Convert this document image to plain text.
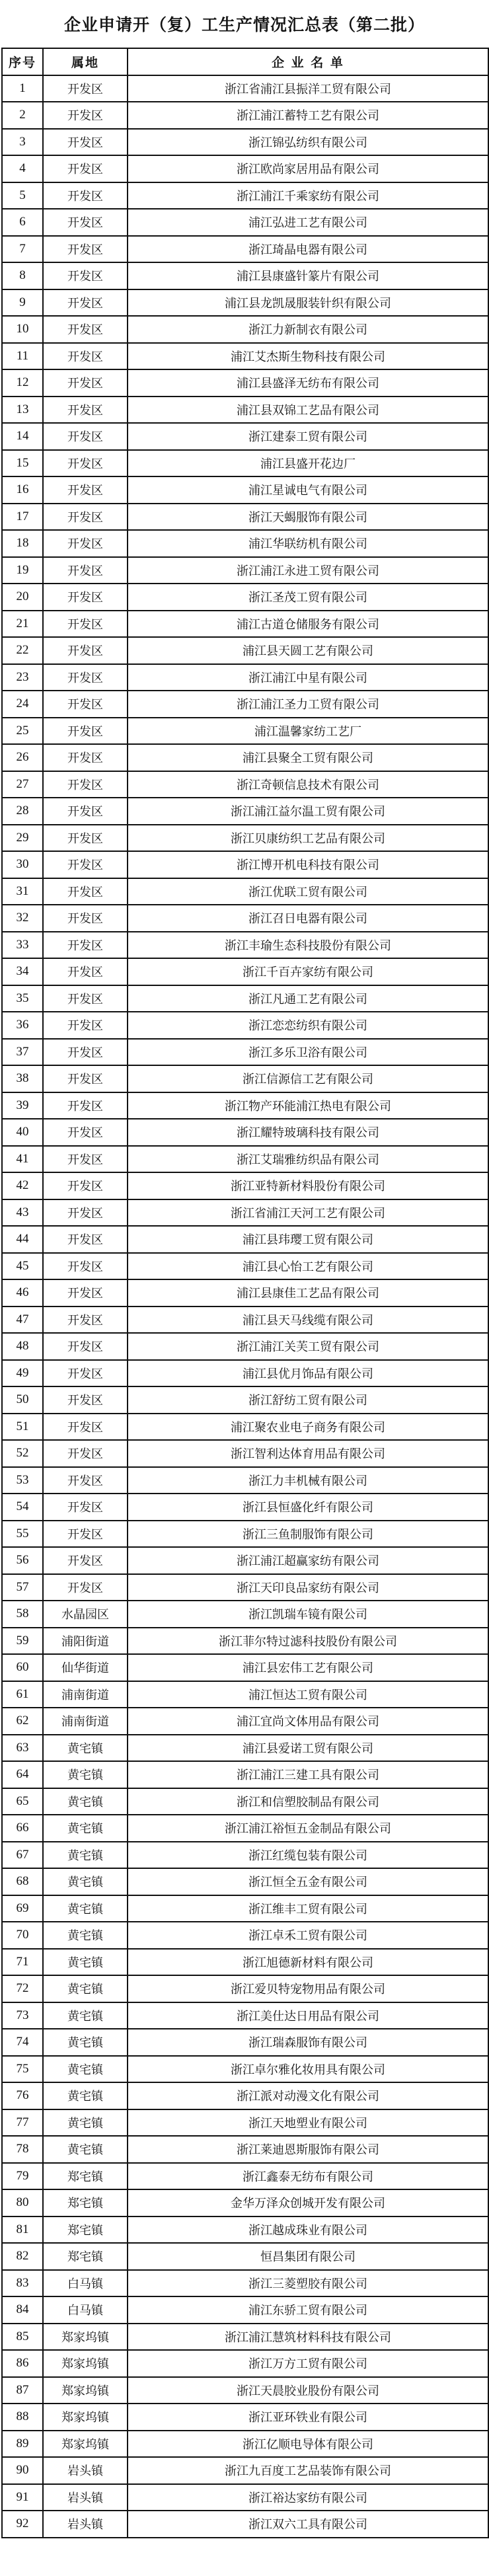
企业申请开（复）工生产情况汇总表（第二批）
序号	属地	企 业 名 单
1	开发区	浙江省浦江县振洋工贸有限公司
2	开发区	浙江浦江蓄特工艺有限公司
3	开发区	浙江锦弘纺织有限公司
4	开发区	浙江欧尚家居用品有限公司
5	开发区	浙江浦江千乘家纺有限公司
6	开发区	浦江弘进工艺有限公司
7	开发区	浙江琦晶电器有限公司
8	开发区	浦江县康盛针篆片有限公司
9	开发区	浦江县龙凯晟服装针织有限公司
10	开发区	浙江力新制衣有限公司
11	开发区	浦江艾杰斯生物科技有限公司
12	开发区	浦江县盛泽无纺布有限公司
13	开发区	浦江县双锦工艺品有限公司
14	开发区	浙江建泰工贸有限公司
15	开发区	浦江县盛开花边厂
16	开发区	浦江星诚电气有限公司
17	开发区	浙江天蝎服饰有限公司
18	开发区	浦江华联纺机有限公司
19	开发区	浙江浦江永进工贸有限公司
20	开发区	浙江圣茂工贸有限公司
21	开发区	浦江古道仓储服务有限公司
22	开发区	浦江县天圆工艺有限公司
23	开发区	浙江浦江中星有限公司
24	开发区	浙江浦江圣力工贸有限公司
25	开发区	浦江温馨家纺工艺厂
26	开发区	浦江县聚全工贸有限公司
27	开发区	浙江奇顿信息技术有限公司
28	开发区	浙江浦江益尔温工贸有限公司
29	开发区	浙江贝康纺织工艺品有限公司
30	开发区	浙江博开机电科技有限公司
31	开发区	浙江优联工贸有限公司
32	开发区	浙江召日电器有限公司
33	开发区	浙江丰瑜生态科技股份有限公司
34	开发区	浙江千百卉家纺有限公司
35	开发区	浙江凡通工艺有限公司
36	开发区	浙江恋恋纺织有限公司
37	开发区	浙江多乐卫浴有限公司
38	开发区	浙江信源信工艺有限公司
39	开发区	浙江物产环能浦江热电有限公司
40	开发区	浙江耀特玻璃科技有限公司
41	开发区	浙江艾瑞雅纺织品有限公司
42	开发区	浙江亚特新材料股份有限公司
43	开发区	浙江省浦江天河工艺有限公司
44	开发区	浦江县玮璎工贸有限公司
45	开发区	浦江县心怡工艺有限公司
46	开发区	浦江县康佳工艺品有限公司
47	开发区	浦江县天马线缆有限公司
48	开发区	浙江浦江关芙工贸有限公司
49	开发区	浦江县优月饰品有限公司
50	开发区	浙江舒纺工贸有限公司
51	开发区	浦江聚农业电子商务有限公司
52	开发区	浙江智利达体育用品有限公司
53	开发区	浙江力丰机械有限公司
54	开发区	浙江县恒盛化纤有限公司
55	开发区	浙江三鱼制服饰有限公司
56	开发区	浙江浦江超赢家纺有限公司
57	开发区	浙江天印良品家纺有限公司
58	水晶园区	浙江凯瑞车镜有限公司
59	浦阳街道	浙江菲尔特过滤科技股份有限公司
60	仙华街道	浦江县宏伟工艺有限公司
61	浦南街道	浦江恒达工贸有限公司
62	浦南街道	浦江宜尚文体用品有限公司
63	黄宅镇	浦江县爱诺工贸有限公司
64	黄宅镇	浙江浦江三建工具有限公司
65	黄宅镇	浙江和信塑胶制品有限公司
66	黄宅镇	浙江浦江裕恒五金制品有限公司
67	黄宅镇	浙江红缆包装有限公司
68	黄宅镇	浙江恒全五金有限公司
69	黄宅镇	浙江维丰工贸有限公司
70	黄宅镇	浙江卓禾工贸有限公司
71	黄宅镇	浙江旭德新材料有限公司
72	黄宅镇	浙江爱贝特宠物用品有限公司
73	黄宅镇	浙江美仕达日用品有限公司
74	黄宅镇	浙江瑞森服饰有限公司
75	黄宅镇	浙江卓尔雅化妆用具有限公司
76	黄宅镇	浙江派对动漫文化有限公司
77	黄宅镇	浙江天地塑业有限公司
78	黄宅镇	浙江莱迪恩斯服饰有限公司
79	郑宅镇	浙江鑫泰无纺布有限公司
80	郑宅镇	金华万泽众创城开发有限公司
81	郑宅镇	浙江越成珠业有限公司
82	郑宅镇	恒昌集团有限公司
83	白马镇	浙江三菱塑胶有限公司
84	白马镇	浦江东骄工贸有限公司
85	郑家坞镇	浙江浦江慧筑材料科技有限公司
86	郑家坞镇	浙江万方工贸有限公司
87	郑家坞镇	浙江天晨胶业股份有限公司
88	郑家坞镇	浙江亚环铁业有限公司
89	郑家坞镇	浙江亿顺电导体有限公司
90	岩头镇	浙江九百度工艺品装饰有限公司
91	岩头镇	浙江裕达家纺有限公司
92	岩头镇	浙江双六工具有限公司
